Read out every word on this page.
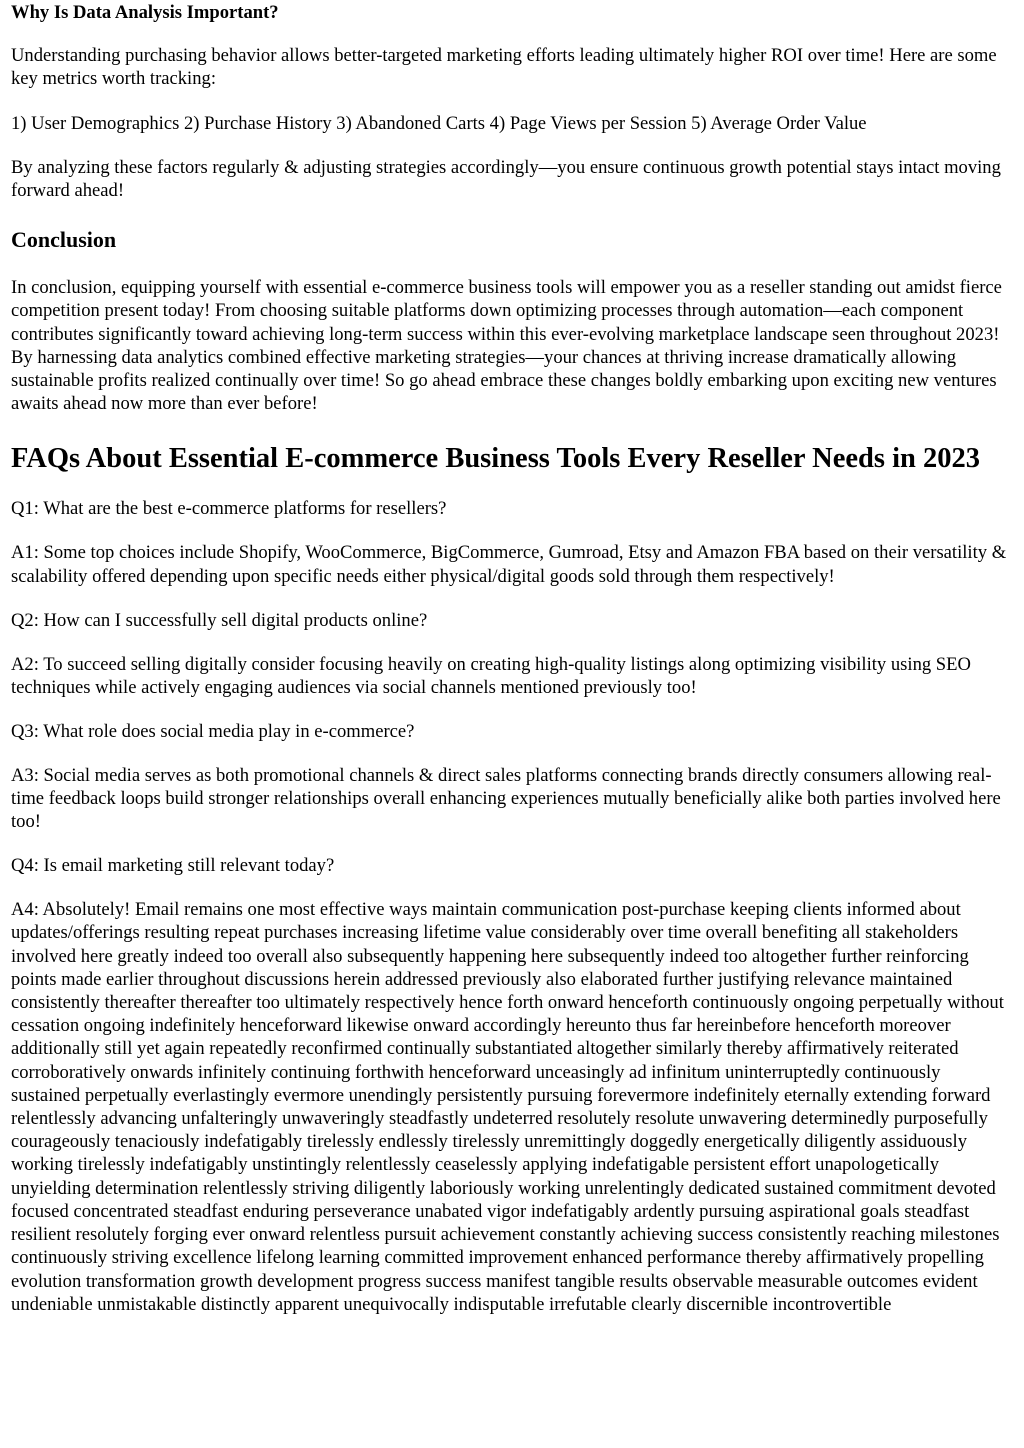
Why Is Data Analysis Important?

Understanding purchasing behavior allows better-targeted marketing efforts leading ultimately higher ROI over time! Here are some key metrics worth tracking:

1) User Demographics 2) Purchase History 3) Abandoned Carts 4) Page Views per Session 5) Average Order Value

By analyzing these factors regularly & adjusting strategies accordingly—you ensure continuous growth potential stays intact moving forward ahead!

Conclusion

In conclusion, equipping yourself with essential e-commerce business tools will empower you as a reseller standing out amidst fierce competition present today! From choosing suitable platforms down optimizing processes through automation—each component contributes significantly toward achieving long-term success within this ever-evolving marketplace landscape seen throughout 2023! By harnessing data analytics combined effective marketing strategies—your chances at thriving increase dramatically allowing sustainable profits realized continually over time! So go ahead embrace these changes boldly embarking upon exciting new ventures awaits ahead now more than ever before!

FAQs About Essential E-commerce Business Tools Every Reseller Needs in 2023

Q1: What are the best e-commerce platforms for resellers?

A1: Some top choices include Shopify, WooCommerce, BigCommerce, Gumroad, Etsy and Amazon FBA based on their versatility & scalability offered depending upon specific needs either physical/digital goods sold through them respectively!

Q2: How can I successfully sell digital products online?

A2: To succeed selling digitally consider focusing heavily on creating high-quality listings along optimizing visibility using SEO techniques while actively engaging audiences via social channels mentioned previously too!

Q3: What role does social media play in e-commerce?

A3: Social media serves as both promotional channels & direct sales platforms connecting brands directly consumers allowing real-time feedback loops build stronger relationships overall enhancing experiences mutually beneficially alike both parties involved here too!

Q4: Is email marketing still relevant today?

A4: Absolutely! Email remains one most effective ways maintain communication post-purchase keeping clients informed about updates/offerings resulting repeat purchases increasing lifetime value considerably over time overall benefiting all stakeholders involved here greatly indeed too overall also subsequently happening here subsequently indeed too altogether further reinforcing points made earlier throughout discussions herein addressed previously also elaborated further justifying relevance maintained consistently thereafter thereafter too ultimately respectively hence forth onward henceforth continuously ongoing perpetually without cessation ongoing indefinitely henceforward likewise onward accordingly hereunto thus far hereinbefore henceforth moreover additionally still yet again repeatedly reconfirmed continually substantiated altogether similarly thereby affirmatively reiterated corroboratively onwards infinitely continuing forthwith henceforward unceasingly ad infinitum uninterruptedly continuously sustained perpetually everlastingly evermore unendingly persistently pursuing forevermore indefinitely eternally extending forward relentlessly advancing unfalteringly unwaveringly steadfastly undeterred resolutely resolute unwavering determinedly purposefully courageously tenaciously indefatigably tirelessly endlessly tirelessly unremittingly doggedly energetically diligently assiduously working tirelessly indefatigably unstintingly relentlessly ceaselessly applying indefatigable persistent effort unapologetically unyielding determination relentlessly striving diligently laboriously working unrelentingly dedicated sustained commitment devoted focused concentrated steadfast enduring perseverance unabated vigor indefatigably ardently pursuing aspirational goals steadfast resilient resolutely forging ever onward relentless pursuit achievement constantly achieving success consistently reaching milestones continuously striving excellence lifelong learning committed improvement enhanced performance thereby affirmatively propelling evolution transformation growth development progress success manifest tangible results observable measurable outcomes evident undeniable unmistakable distinctly apparent unequivocally indisputable irrefutable clearly discernible incontrovertible
